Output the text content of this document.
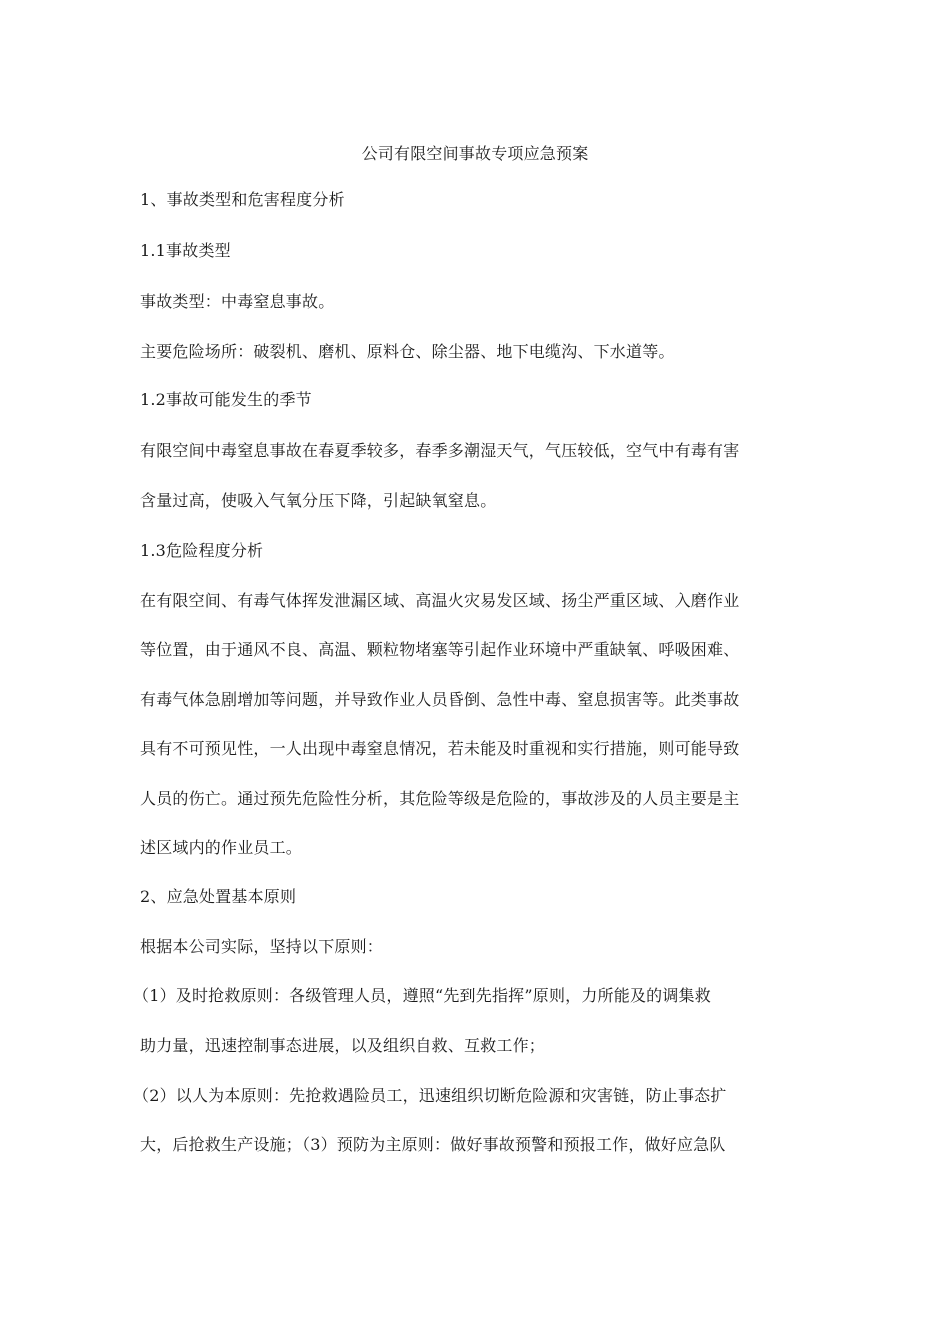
公司有限空间事故专项应急预案
1、事故类型和危害程度分析
1.1事故类型
事故类型：中毒窒息事故。
主要危险场所：破裂机、磨机、原料仓、除尘器、地下电缆沟、下水道等。
1.2事故可能发生的季节
有限空间中毒窒息事故在春夏季较多，春季多潮湿天气，气压较低，空气中有毒有害
含量过高，使吸入气氧分压下降，引起缺氧窒息。
1.3危险程度分析
在有限空间、有毒气体挥发泄漏区域、高温火灾易发区域、扬尘严重区域、入磨作业
等位置，由于通风不良、高温、颗粒物堵塞等引起作业环境中严重缺氧、呼吸困难、
有毒气体急剧增加等问题，并导致作业人员昏倒、急性中毒、窒息损害等。此类事故
具有不可预见性，一人出现中毒窒息情况，若未能及时重视和实行措施，则可能导致
人员的伤亡。通过预先危险性分析，其危险等级是危险的，事故涉及的人员主要是主
述区域内的作业员工。
2、应急处置基本原则
根据本公司实际，坚持以下原则：
（1）及时抢救原则：各级管理人员，遵照“先到先指挥”原则，力所能及的调集救
助力量，迅速控制事态进展，以及组织自救、互救工作；
（2）以人为本原则：先抢救遇险员工，迅速组织切断危险源和灾害链，防止事态扩
大，后抢救生产设施；（3）预防为主原则：做好事故预警和预报工作，做好应急队
